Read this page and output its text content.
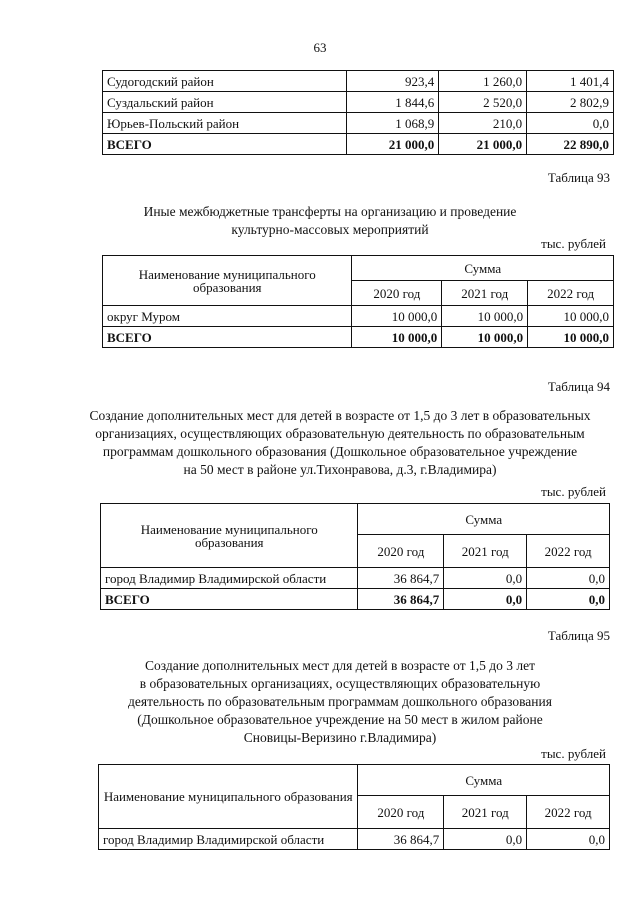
63
Судогодский район	923,4	1 260,0	1 401,4
Суздальский район	1 844,6	2 520,0	2 802,9
Юрьев-Польский район	1 068,9	210,0	0,0
ВСЕГО	21 000,0	21 000,0	22 890,0
Таблица 93
Иные межбюджетные трансферты на организацию и проведение
культурно-массовых мероприятий
тыс. рублей
Наименование муниципального образования	Сумма		
	2020 год	2021 год	2022 год
округ Муром	10 000,0	10 000,0	10 000,0
ВСЕГО	10 000,0	10 000,0	10 000,0
Таблица 94
Создание дополнительных мест для детей в возрасте от 1,5 до 3 лет в образовательных
организациях, осуществляющих образовательную деятельность по образовательным
программам дошкольного образования (Дошкольное образовательное учреждение
на 50 мест в районе ул.Тихонравова, д.3, г.Владимира)
тыс. рублей
Наименование муниципального образования	Сумма		
	2020 год	2021 год	2022 год
город Владимир Владимирской области	36 864,7	0,0	0,0
ВСЕГО	36 864,7	0,0	0,0
Таблица 95
Создание дополнительных мест для детей в возрасте от 1,5 до 3 лет
в образовательных организациях, осуществляющих образовательную
деятельность по образовательным программам дошкольного образования
(Дошкольное образовательное учреждение на 50 мест в жилом районе
Сновицы-Веризино г.Владимира)
тыс. рублей
Наименование муниципального образования	Сумма		
	2020 год	2021 год	2022 год
город Владимир Владимирской области	36 864,7	0,0	0,0
